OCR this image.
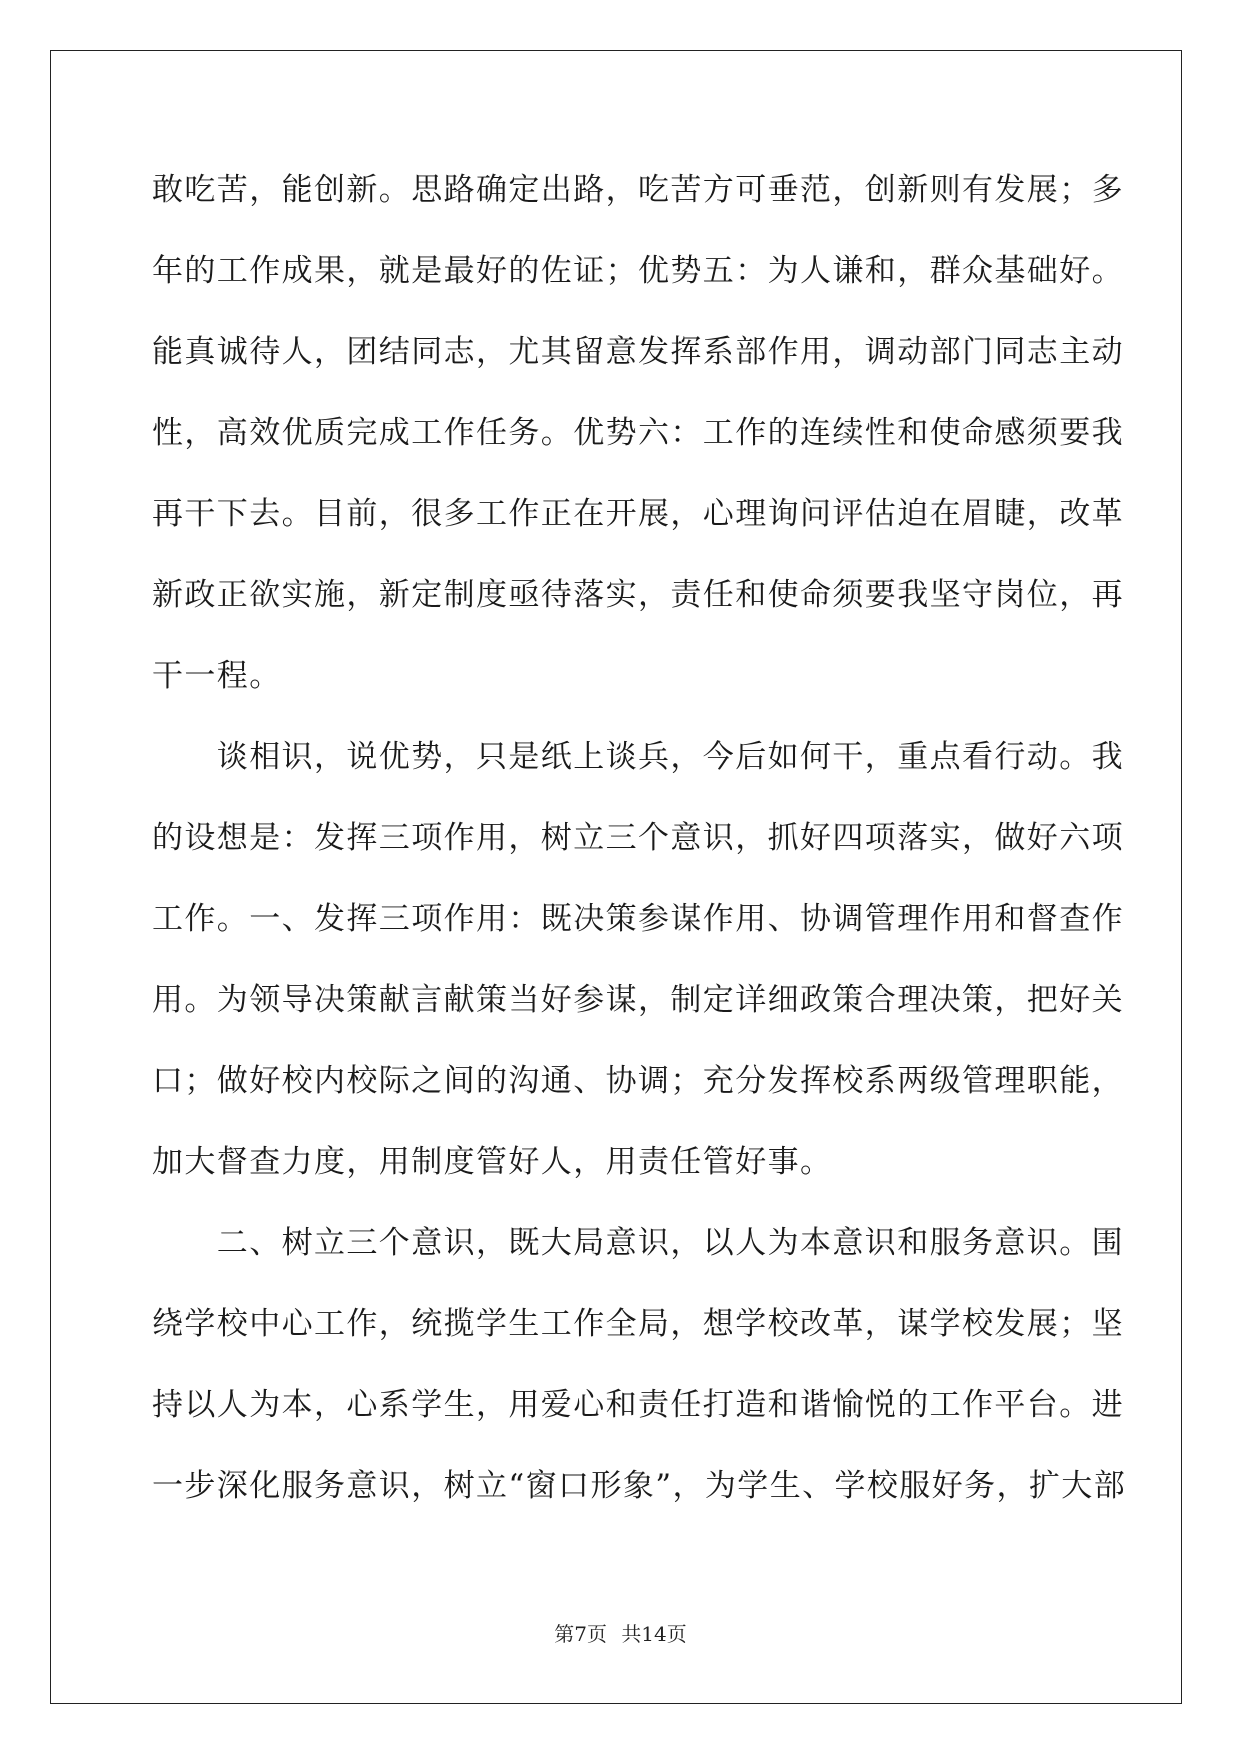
敢吃苦，能创新。思路确定出路，吃苦方可垂范，创新则有发展；多
年的工作成果，就是最好的佐证；优势五：为人谦和，群众基础好。
能真诚待人，团结同志，尤其留意发挥系部作用，调动部门同志主动
性，高效优质完成工作任务。优势六：工作的连续性和使命感须要我
再干下去。目前，很多工作正在开展，心理询问评估迫在眉睫，改革
新政正欲实施，新定制度亟待落实，责任和使命须要我坚守岗位，再
干一程。
　　谈相识，说优势，只是纸上谈兵，今后如何干，重点看行动。我
的设想是：发挥三项作用，树立三个意识，抓好四项落实，做好六项
工作。一、发挥三项作用：既决策参谋作用、协调管理作用和督查作
用。为领导决策献言献策当好参谋，制定详细政策合理决策，把好关
口；做好校内校际之间的沟通、协调；充分发挥校系两级管理职能，
加大督查力度，用制度管好人，用责任管好事。
　　二、树立三个意识，既大局意识，以人为本意识和服务意识。围
绕学校中心工作，统揽学生工作全局，想学校改革，谋学校发展；坚
持以人为本，心系学生，用爱心和责任打造和谐愉悦的工作平台。进
一步深化服务意识，树立“窗口形象”，为学生、学校服好务，扩大部
第7页 共14页
